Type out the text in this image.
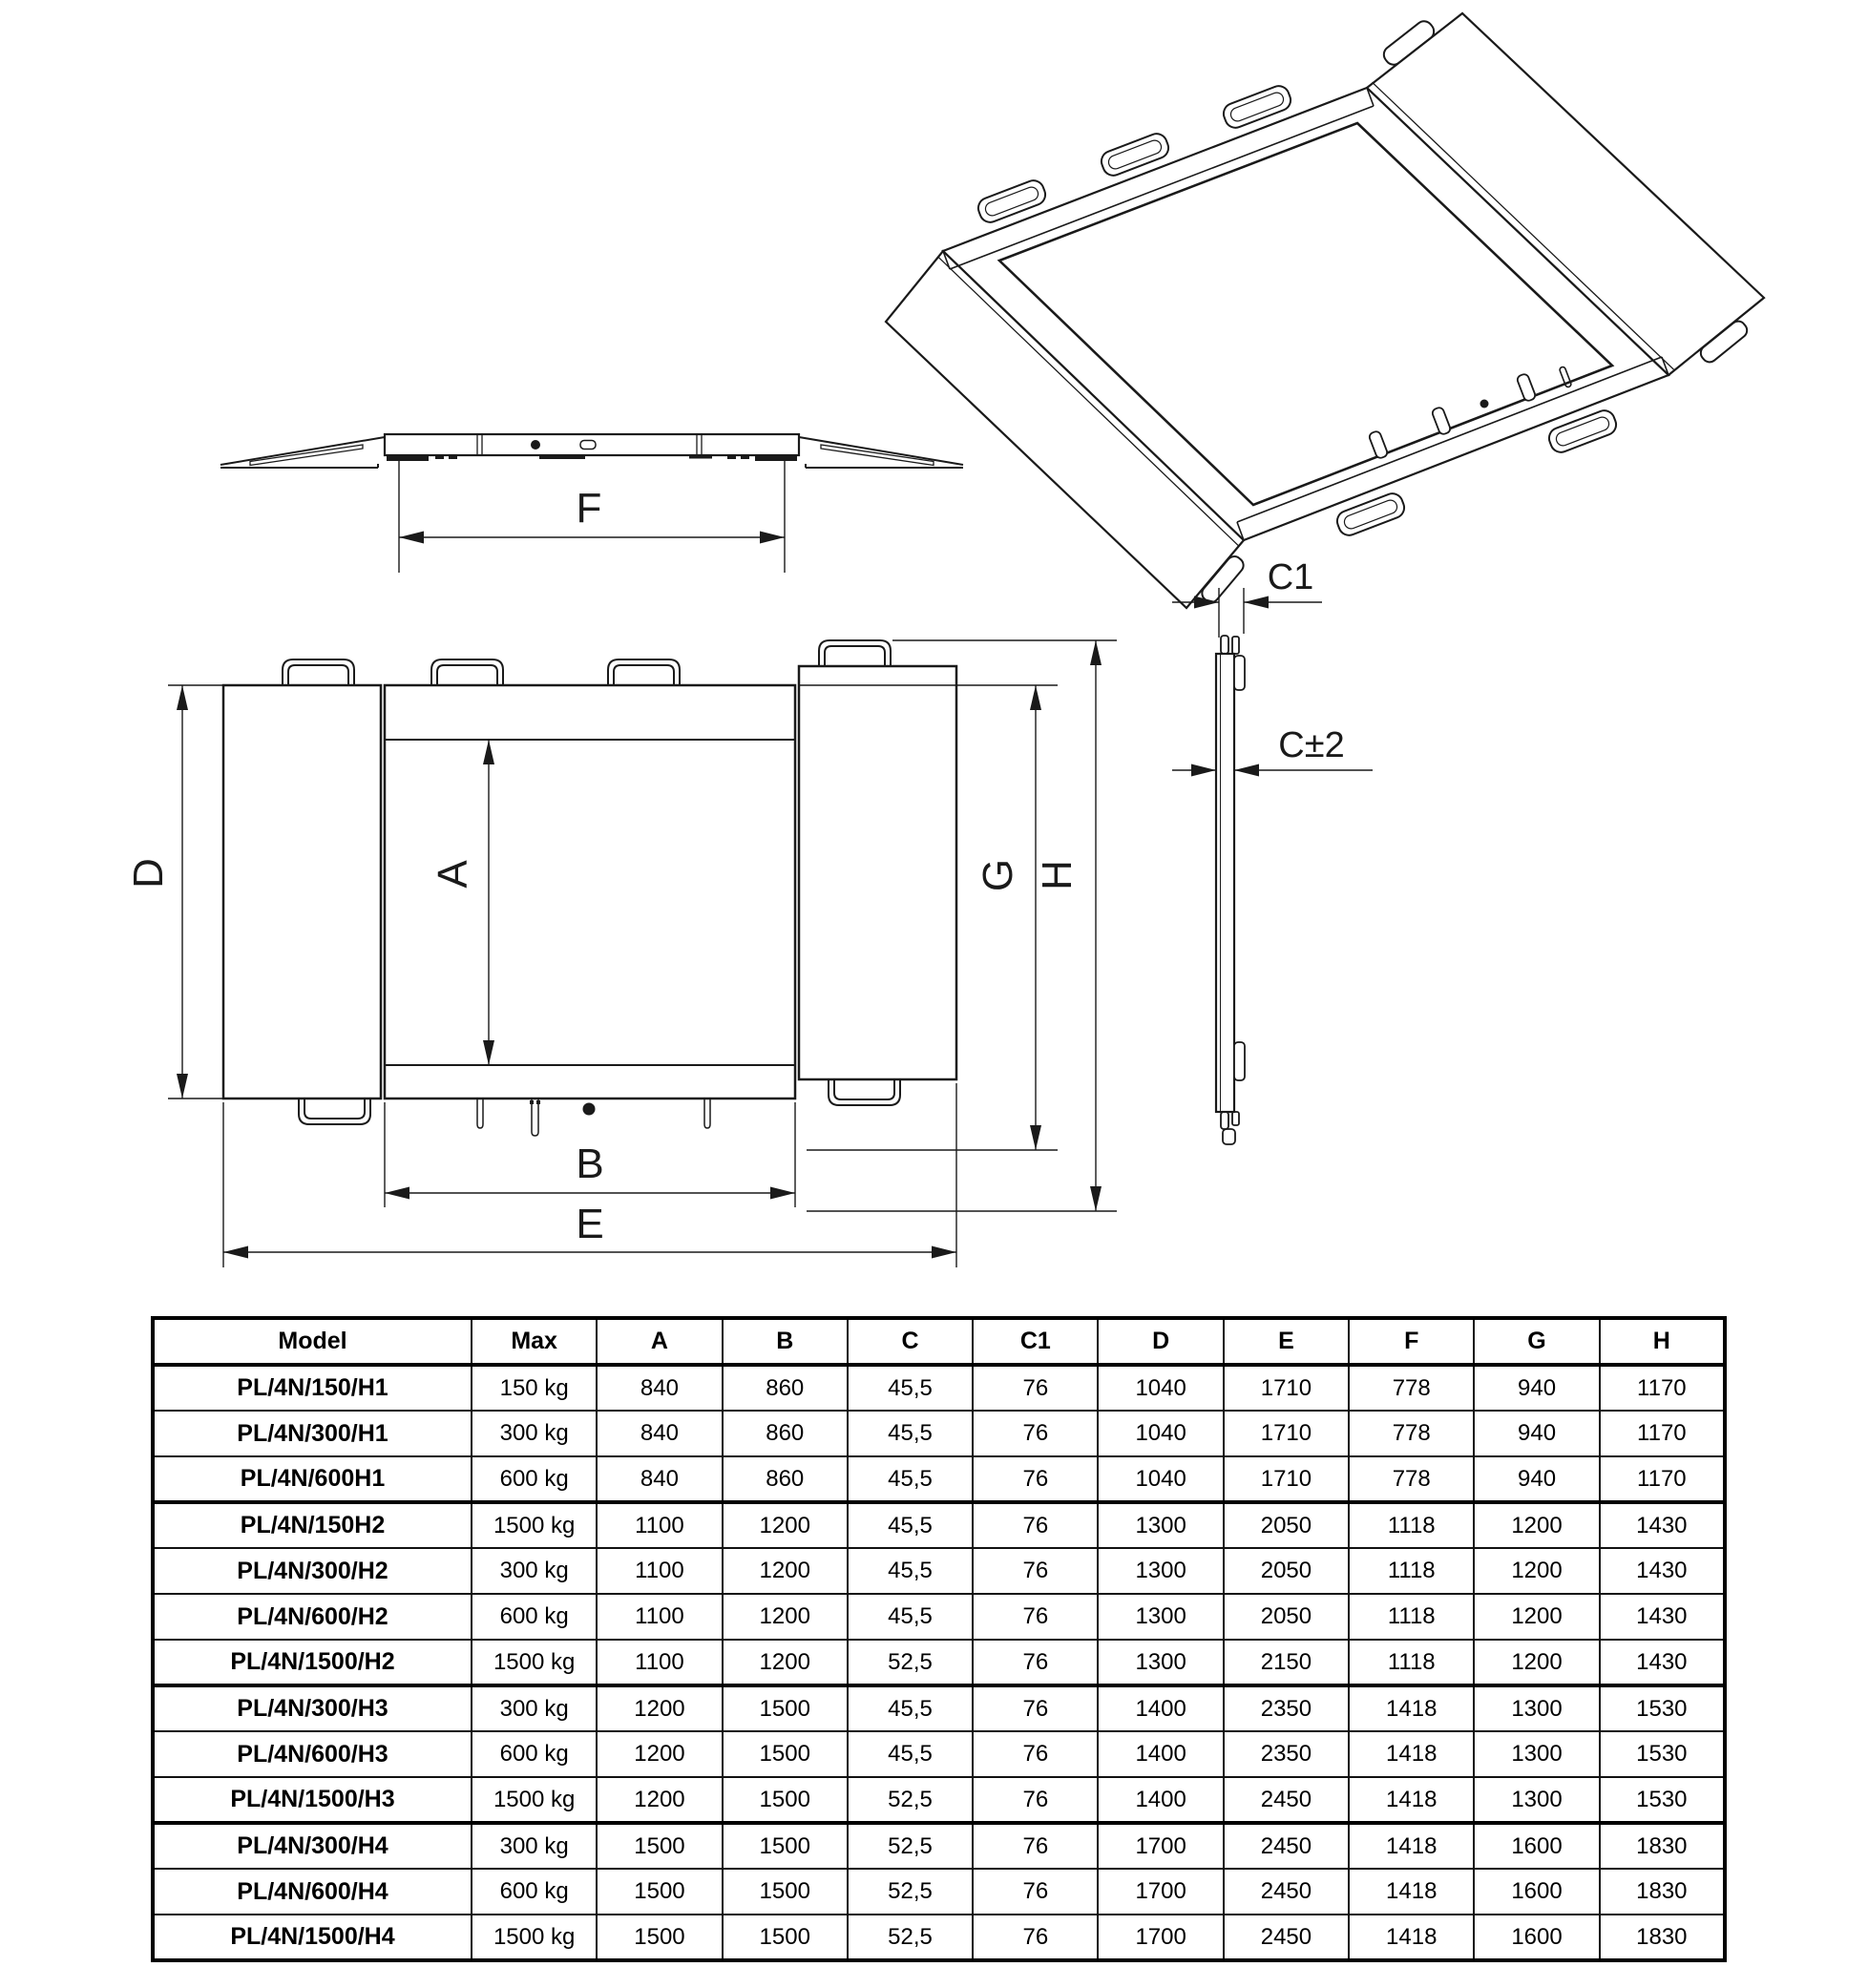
F
D	A
B
E
G H
C1
C±2
Model	Max	A	B	C	C1	D	E	F	G	H
PL/4N/150/H1	150 kg	840	860	45,5	76	1040	1710	778	940	1170
PL/4N/300/H1	300 kg	840	860	45,5	76	1040	1710	778	940	1170
PL/4N/600H1	600 kg	840	860	45,5	76	1040	1710	778	940	1170
PL/4N/150H2	1500 kg	1100	1200	45,5	76	1300	2050	1118	1200	1430
PL/4N/300/H2	300 kg	1100	1200	45,5	76	1300	2050	1118	1200	1430
PL/4N/600/H2	600 kg	1100	1200	45,5	76	1300	2050	1118	1200	1430
PL/4N/1500/H2	1500 kg	1100	1200	52,5	76	1300	2150	1118	1200	1430
PL/4N/300/H3	300 kg	1200	1500	45,5	76	1400	2350	1418	1300	1530
PL/4N/600/H3	600 kg	1200	1500	45,5	76	1400	2350	1418	1300	1530
PL/4N/1500/H3	1500 kg	1200	1500	52,5	76	1400	2450	1418	1300	1530
PL/4N/300/H4	300 kg	1500	1500	52,5	76	1700	2450	1418	1600	1830
PL/4N/600/H4	600 kg	1500	1500	52,5	76	1700	2450	1418	1600	1830
PL/4N/1500/H4	1500 kg	1500	1500	52,5	76	1700	2450	1418	1600	1830
